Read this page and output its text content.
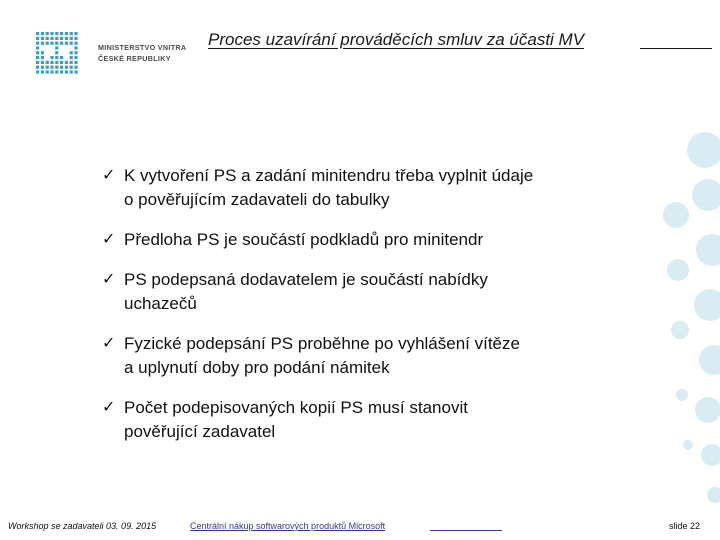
MINISTERSTVO VNITRA
ČESKÉ REPUBLIKY
Proces uzavírání prováděcích smluv za účasti MV
✓ K vytvoření PS a zadání minitendru třeba vyplnit údaje
o pověřujícím zadavateli do tabulky
✓ Předloha PS je součástí podkladů pro minitendr
✓ PS podepsaná dodavatelem je součástí nabídky
uchazečů
✓ Fyzické podepsání PS proběhne po vyhlášení vítěze
a uplynutí doby pro podání námitek
✓ Počet podepisovaných kopií PS musí stanovit
pověřující zadavatel
Workshop se zadavateli 03. 09. 2015	Centrální nákup softwarových produktů Microsoft	slide 22
